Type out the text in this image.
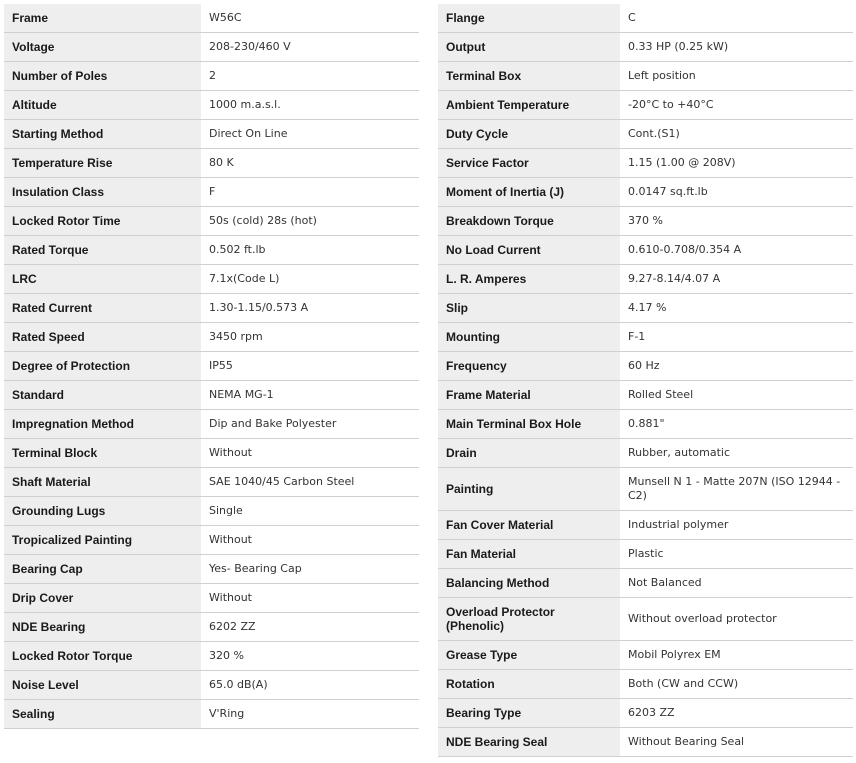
Frame	W56C
Voltage	208-230/460 V
Number of Poles	2
Altitude	1000 m.a.s.l.
Starting Method	Direct On Line
Temperature Rise	80 K
Insulation Class	F
Locked Rotor Time	50s (cold) 28s (hot)
Rated Torque	0.502 ft.lb
LRC	7.1x(Code L)
Rated Current	1.30-1.15/0.573 A
Rated Speed	3450 rpm
Degree of Protection	IP55
Standard	NEMA MG-1
Impregnation Method	Dip and Bake Polyester
Terminal Block	Without
Shaft Material	SAE 1040/45 Carbon Steel
Grounding Lugs	Single
Tropicalized Painting	Without
Bearing Cap	Yes- Bearing Cap
Drip Cover	Without
NDE Bearing	6202 ZZ
Locked Rotor Torque	320 %
Noise Level	65.0 dB(A)
Sealing	V'Ring
Flange	C
Output	0.33 HP (0.25 kW)
Terminal Box	Left position
Ambient Temperature	-20°C to +40°C
Duty Cycle	Cont.(S1)
Service Factor	1.15 (1.00 @ 208V)
Moment of Inertia (J)	0.0147 sq.ft.lb
Breakdown Torque	370 %
No Load Current	0.610-0.708/0.354 A
L. R. Amperes	9.27-8.14/4.07 A
Slip	4.17 %
Mounting	F-1
Frequency	60 Hz
Frame Material	Rolled Steel
Main Terminal Box Hole	0.881"
Drain	Rubber, automatic
Painting	Munsell N 1 - Matte 207N (ISO 12944 - C2)
Fan Cover Material	Industrial polymer
Fan Material	Plastic
Balancing Method	Not Balanced
Overload Protector (Phenolic)	Without overload protector
Grease Type	Mobil Polyrex EM
Rotation	Both (CW and CCW)
Bearing Type	6203 ZZ
NDE Bearing Seal	Without Bearing Seal
